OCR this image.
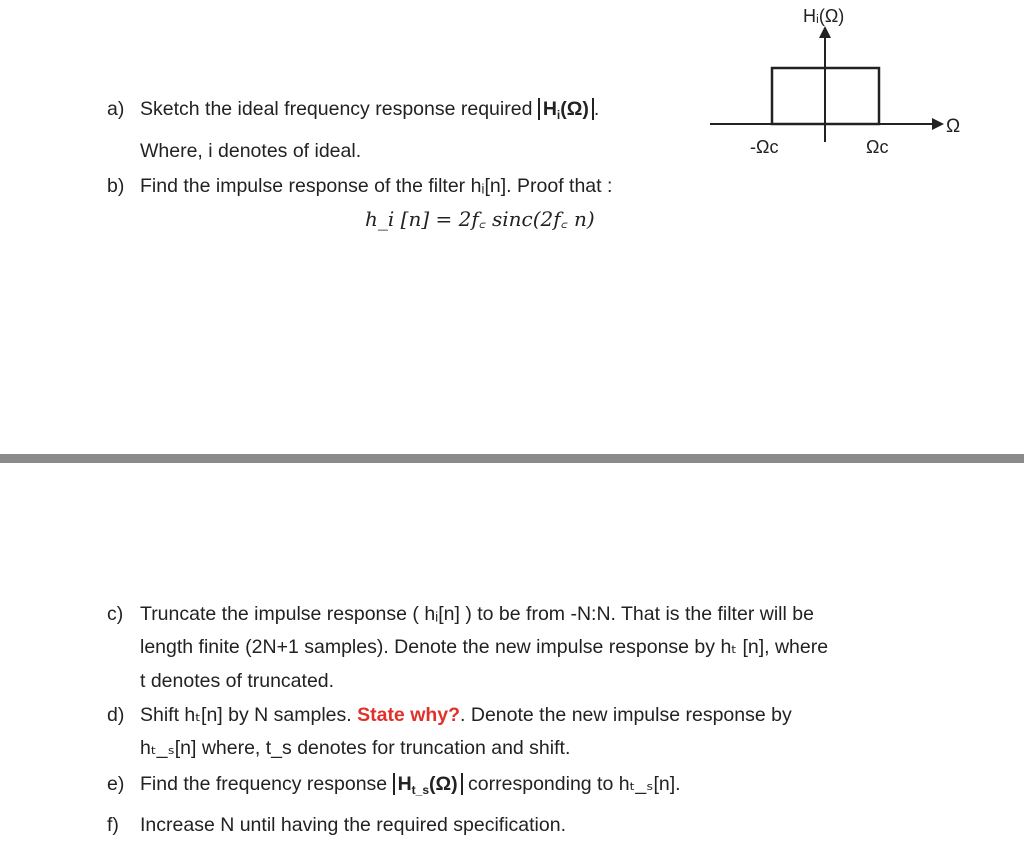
Hᵢ(Ω)
Ω
-Ωc	Ωc
a) Sketch the ideal frequency response required $H_i(\Omega)$ .
Where, i denotes of ideal.
b) Find the impulse response of the filter hᵢ[n]. Proof that :
h_i [n] = 2f꜀ sinc(2f꜀ n)
c) Truncate the impulse response ( hᵢ[n] ) to be from -N:N. That is the filter will be
length finite (2N+1 samples). Denote the new impulse response by hₜ [n], where
t denotes of truncated.
d) Shift hₜ[n] by N samples. State why?. Denote the new impulse response by
hₜ_ₛ[n] where, t_s denotes for truncation and shift.
e) Find the frequency response $H_{t\_s}(\Omega)$ corresponding to hₜ_ₛ[n].
f) Increase N until having the required specification.
